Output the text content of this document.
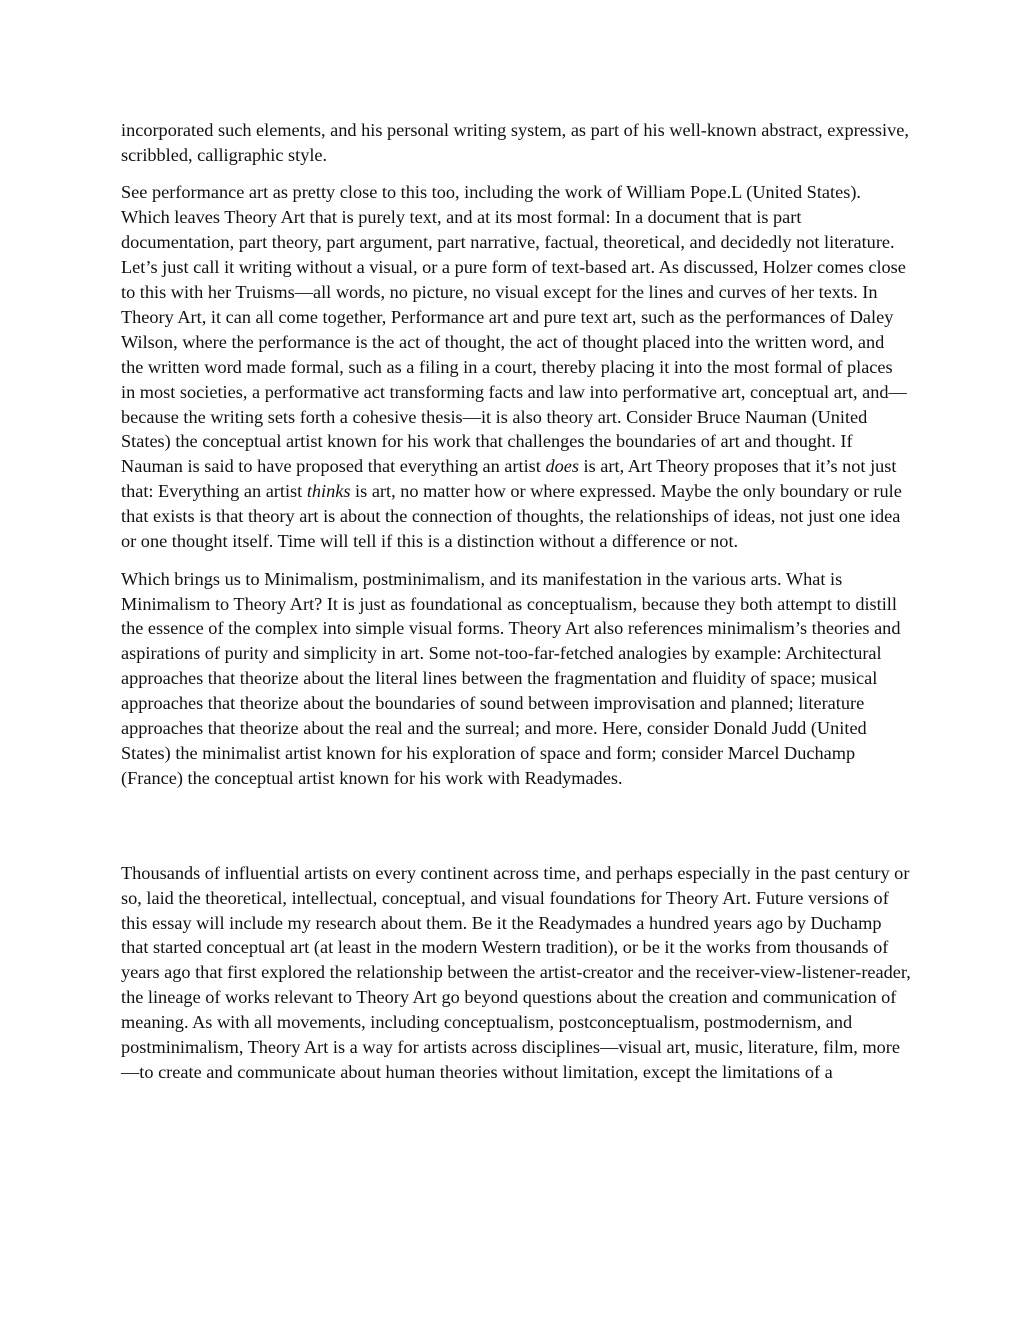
incorporated such elements, and his personal writing system, as part of his well-known abstract, expressive, scribbled, calligraphic style.

See performance art as pretty close to this too, including the work of William Pope.L (United States). Which leaves Theory Art that is purely text, and at its most formal: In a document that is part documentation, part theory, part argument, part narrative, factual, theoretical, and decidedly not literature. Let’s just call it writing without a visual, or a pure form of text-based art. As discussed, Holzer comes close to this with her Truisms—all words, no picture, no visual except for the lines and curves of her texts. In Theory Art, it can all come together, Performance art and pure text art, such as the performances of Daley Wilson, where the performance is the act of thought, the act of thought placed into the written word, and the written word made formal, such as a filing in a court, thereby placing it into the most formal of places in most societies, a performative act transforming facts and law into performative art, conceptual art, and—because the writing sets forth a cohesive thesis—it is also theory art. Consider Bruce Nauman (United States) the conceptual artist known for his work that challenges the boundaries of art and thought. If Nauman is said to have proposed that everything an artist does is art, Art Theory proposes that it’s not just that: Everything an artist thinks is art, no matter how or where expressed. Maybe the only boundary or rule that exists is that theory art is about the connection of thoughts, the relationships of ideas, not just one idea or one thought itself. Time will tell if this is a distinction without a difference or not.

Which brings us to Minimalism, postminimalism, and its manifestation in the various arts. What is Minimalism to Theory Art? It is just as foundational as conceptualism, because they both attempt to distill the essence of the complex into simple visual forms. Theory Art also references minimalism’s theories and aspirations of purity and simplicity in art. Some not-too-far-fetched analogies by example: Architectural approaches that theorize about the literal lines between the fragmentation and fluidity of space; musical approaches that theorize about the boundaries of sound between improvisation and planned; literature approaches that theorize about the real and the surreal; and more. Here, consider Donald Judd (United States) the minimalist artist known for his exploration of space and form; consider Marcel Duchamp (France) the conceptual artist known for his work with Readymades.

Thousands of influential artists on every continent across time, and perhaps especially in the past century or so, laid the theoretical, intellectual, conceptual, and visual foundations for Theory Art. Future versions of this essay will include my research about them. Be it the Readymades a hundred years ago by Duchamp that started conceptual art (at least in the modern Western tradition), or be it the works from thousands of years ago that first explored the relationship between the artist-creator and the receiver-view-listener-reader, the lineage of works relevant to Theory Art go beyond questions about the creation and communication of meaning. As with all movements, including conceptualism, postconceptualism, postmodernism, and postminimalism, Theory Art is a way for artists across disciplines—visual art, music, literature, film, more—to create and communicate about human theories without limitation, except the limitations of a
